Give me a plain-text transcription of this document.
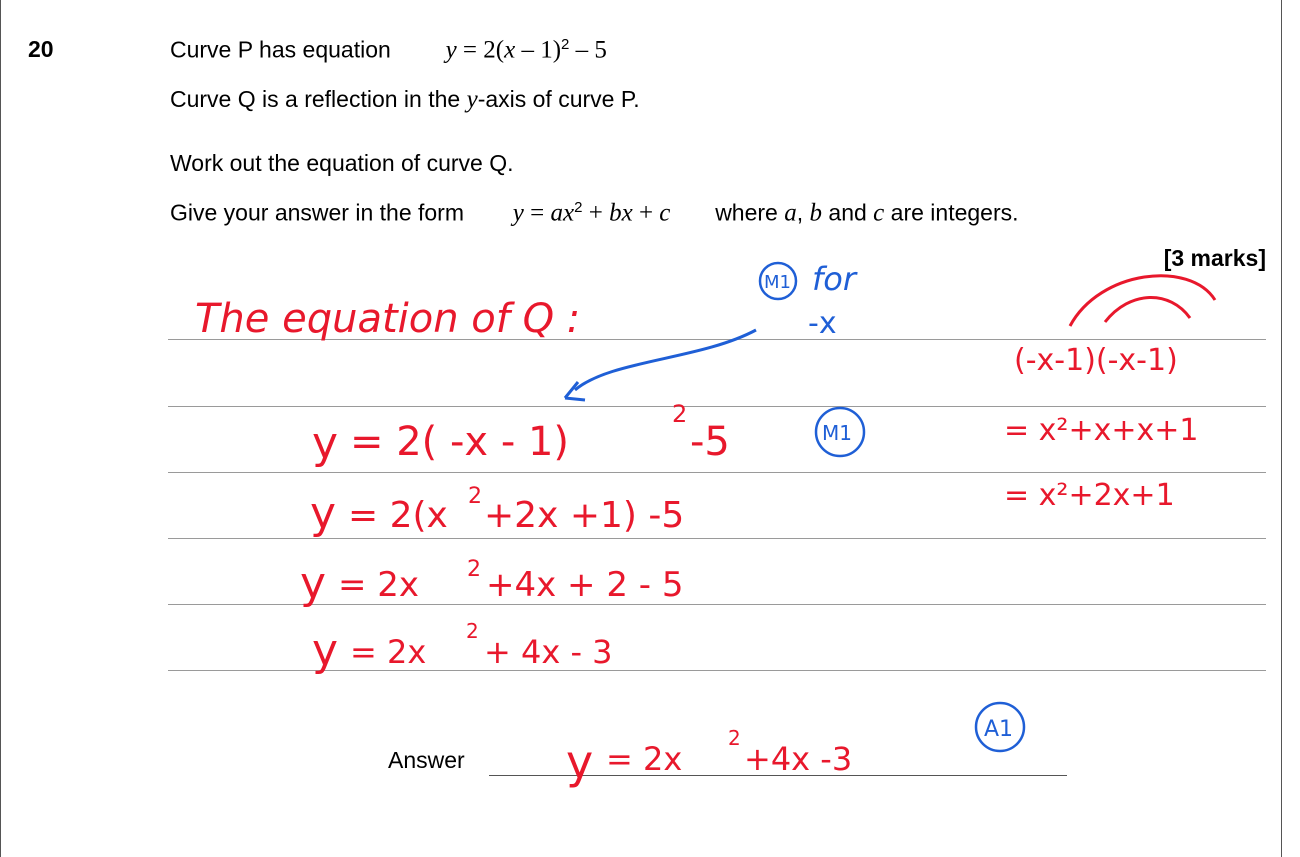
20	Curve P has equation y = 2(x – 1)$^2$ – 5
Curve Q is a reflection in the y-axis of curve P.
Work out the equation of curve Q.
Give your answer in the form $y = ax^2$ + bx + c where a, b and c are integers.
[3 marks]
Answer
The equation of Q :
M1 for
-x
y = 2( -x - 1)
2
-5	M1
y = 2(x 2 +2x +1) -5
y = 2x 2 +4x + 2 - 5
y = 2x
2
+ 4x - 3
(-x-1)(-x-1)
= x²+x+x+1
= x²+2x+1
y = 2x
2
+4x -3
A1
